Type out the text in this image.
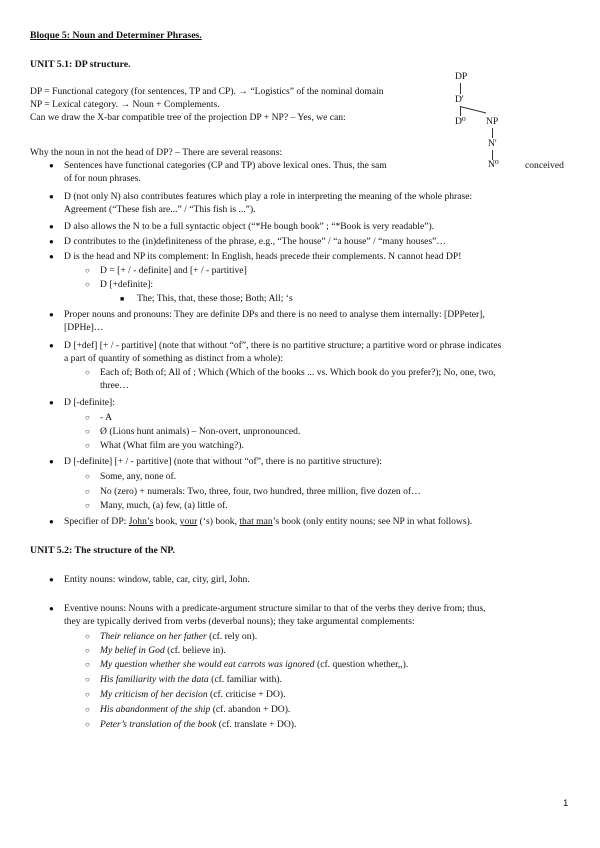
Bloque 5: Noun and Determiner Phrases.
UNIT 5.1: DP structure.
DP = Functional category (for sentences, TP and CP). → “Logistics” of the nominal domain
NP = Lexical category. → Noun + Complements.
Can we draw the X-bar compatible tree of the projection DP + NP? – Yes, we can:
DP
D'
D⁰ NP
N'
N⁰
Why the noun in not the head of DP? – There are several reasons:
● Sentences have functional categories (CP and TP) above lexical ones. Thus, the sam	conceived
of for noun phrases.
● D (not only N) also contributes features which play a role in interpreting the meaning of the whole phrase:
Agreement (“These fish are...” / “This fish is ...”).
● D also allows the N to be a full syntactic object (“*He bough book” ; “*Book is very readable”).
● D contributes to the (in)definiteness of the phrase, e.g., “The house” / “a house” / “many houses”…
● D is the head and NP its complement: In English, heads precede their complements. N cannot head DP!
○ D = [+ / - definite] and [+ / - partitive]
○ D [+definite]:
■ The; This, that, these those; Both; All; ‘s
● Proper nouns and pronouns: They are definite DPs and there is no need to analyse them internally: [DPPeter],
[DPHe]…
● D [+def] [+ / - partitive] (note that without “of”, there is no partitive structure; a partitive word or phrase indicates
a part of quantity of something as distinct from a whole):
○ Each of; Both of; All of ; Which (Which of the books ... vs. Which book do you prefer?); No, one, two,
three…
● D [-definite]:
○ - A
○ Ø (Lions hunt animals) – Non-overt, unpronounced.
○ What (What film are you watching?).
● D [-definite] [+ / - partitive] (note that without “of”, there is no partitive structure):
○ Some, any, none of.
○ No (zero) + numerals: Two, three, four, two hundred, three million, five dozen of…
○ Many, much, (a) few, (a) little of.
● Specifier of DP: John’s book, your (‘s) book, that man’s book (only entity nouns; see NP in what follows).
UNIT 5.2: The structure of the NP.
● Entity nouns: window, table, car, city, girl, John.
● Eventive nouns: Nouns with a predicate-argument structure similar to that of the verbs they derive from; thus,
they are typically derived from verbs (deverbal nouns); they take argumental complements:
○ Their reliance on her father (cf. rely on).
○ My belief in God (cf. believe in).
○ My question whether she would eat carrots was ignored (cf. question whether,,).
○ His familiarity with the data (cf. familiar with).
○ My criticism of her decision (cf. criticise + DO).
○ His abandonment of the ship (cf. abandon + DO).
○ Peter’s translation of the book (cf. translate + DO).
1
